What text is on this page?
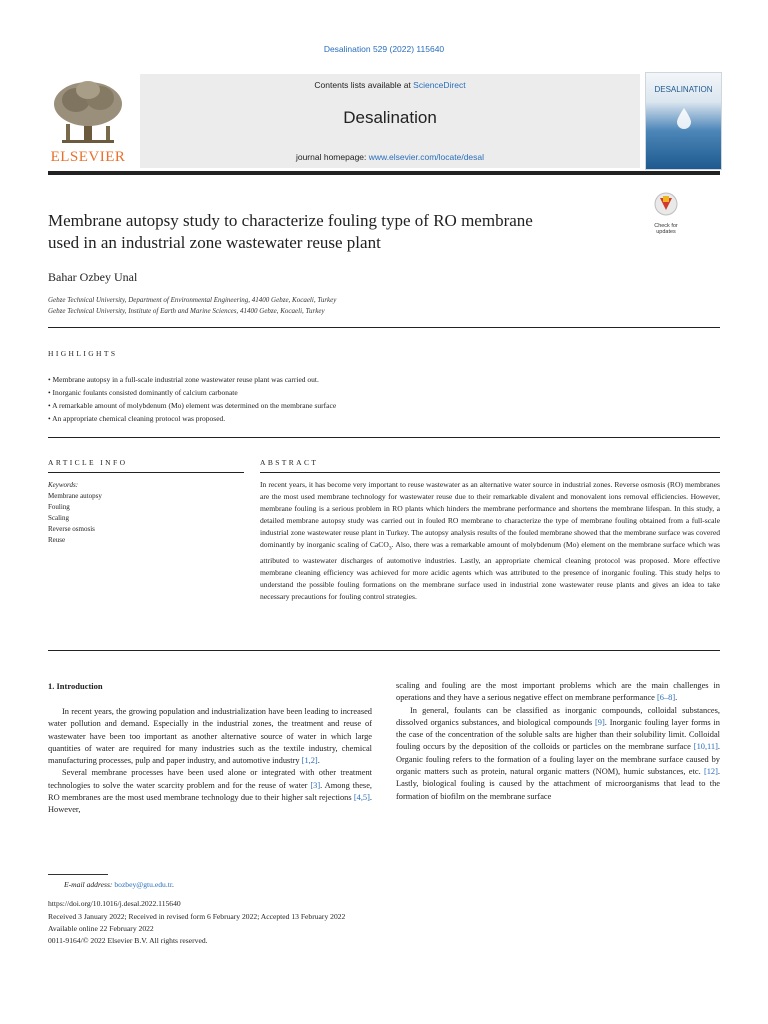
Desalination 529 (2022) 115640
ELSEVIER
Contents lists available at ScienceDirect
Desalination
journal homepage: www.elsevier.com/locate/desal
DESALINATION
Membrane autopsy study to characterize fouling type of RO membrane
used in an industrial zone wastewater reuse plant
Check for updates
Bahar Ozbey Unal
Gebze Technical University, Department of Environmental Engineering, 41400 Gebze, Kocaeli, Turkey
Gebze Technical University, Institute of Earth and Marine Sciences, 41400 Gebze, Kocaeli, Turkey
HIGHLIGHTS
• Membrane autopsy in a full-scale industrial zone wastewater reuse plant was carried out.
• Inorganic foulants consisted dominantly of calcium carbonate
• A remarkable amount of molybdenum (Mo) element was determined on the membrane surface
• An appropriate chemical cleaning protocol was proposed.
ARTICLE INFO
Keywords:
Membrane autopsy
Fouling
Scaling
Reverse osmosis
Reuse
ABSTRACT
In recent years, it has become very important to reuse wastewater as an alternative water source in industrial zones. Reverse osmosis (RO) membranes are the most used membrane technology for wastewater reuse due to their remarkable divalent and monovalent ions removal efficiencies. However, membrane fouling is a serious problem in RO plants which hinders the membrane performance and shortens the membrane lifespan. In this study, a detailed membrane autopsy study was carried out in fouled RO membrane to characterize the type of membrane fouling obtained from a full-scale industrial zone wastewater reuse plant in Turkey. The autopsy analysis results of the fouled membrane showed that the membrane surface was covered dominantly by inorganic scaling of CaCO$_3$. Also, there was a remarkable amount of molybdenum (Mo) element on the membrane surface which was attributed to wastewater discharges of automotive industries. Lastly, an appropriate chemical cleaning protocol was proposed. More effective membrane cleaning efficiency was achieved for more acidic agents which was attributed to the presence of inorganic fouling. This study helps to understand the possible fouling formations on the membrane surface used in industrial zone wastewater reuse plants and gives an idea to take necessary precautions for fouling control strategies.
1. Introduction

In recent years, the growing population and industrialization have been leading to increased water pollution and demand. Especially in the industrial zones, the treatment and reuse of wastewater have been too important as another alternative source of water in which large quantities of water are required for many industries such as the textile industry, chemical manufacturing processes, pulp and paper industry, and automotive industry [1,2].

Several membrane processes have been used alone or integrated with other treatment technologies to solve the water scarcity problem and for the reuse of water [3]. Among these, RO membranes are the most used membrane technology due to their higher salt rejections [4,5]. However,

scaling and fouling are the most important problems which are the main challenges in operations and they have a serious negative effect on membrane performance [6–8].

In general, foulants can be classified as inorganic compounds, colloidal substances, dissolved organics substances, and biological compounds [9]. Inorganic fouling layer forms in the case of the concentration of the soluble salts are higher than their solubility limit. Colloidal fouling occurs by the deposition of the colloids or particles on the membrane surface [10,11]. Organic fouling refers to the formation of a fouling layer on the membrane surface caused by organic matters such as protein, natural organic matters (NOM), humic substances, etc. [12]. Lastly, biological fouling is caused by the attachment of microorganisms that lead to the formation of biofilm on the membrane surface

E-mail address: bozbey@gtu.edu.tr.
https://doi.org/10.1016/j.desal.2022.115640
Received 3 January 2022; Received in revised form 6 February 2022; Accepted 13 February 2022
Available online 22 February 2022
0011-9164/© 2022 Elsevier B.V. All rights reserved.
